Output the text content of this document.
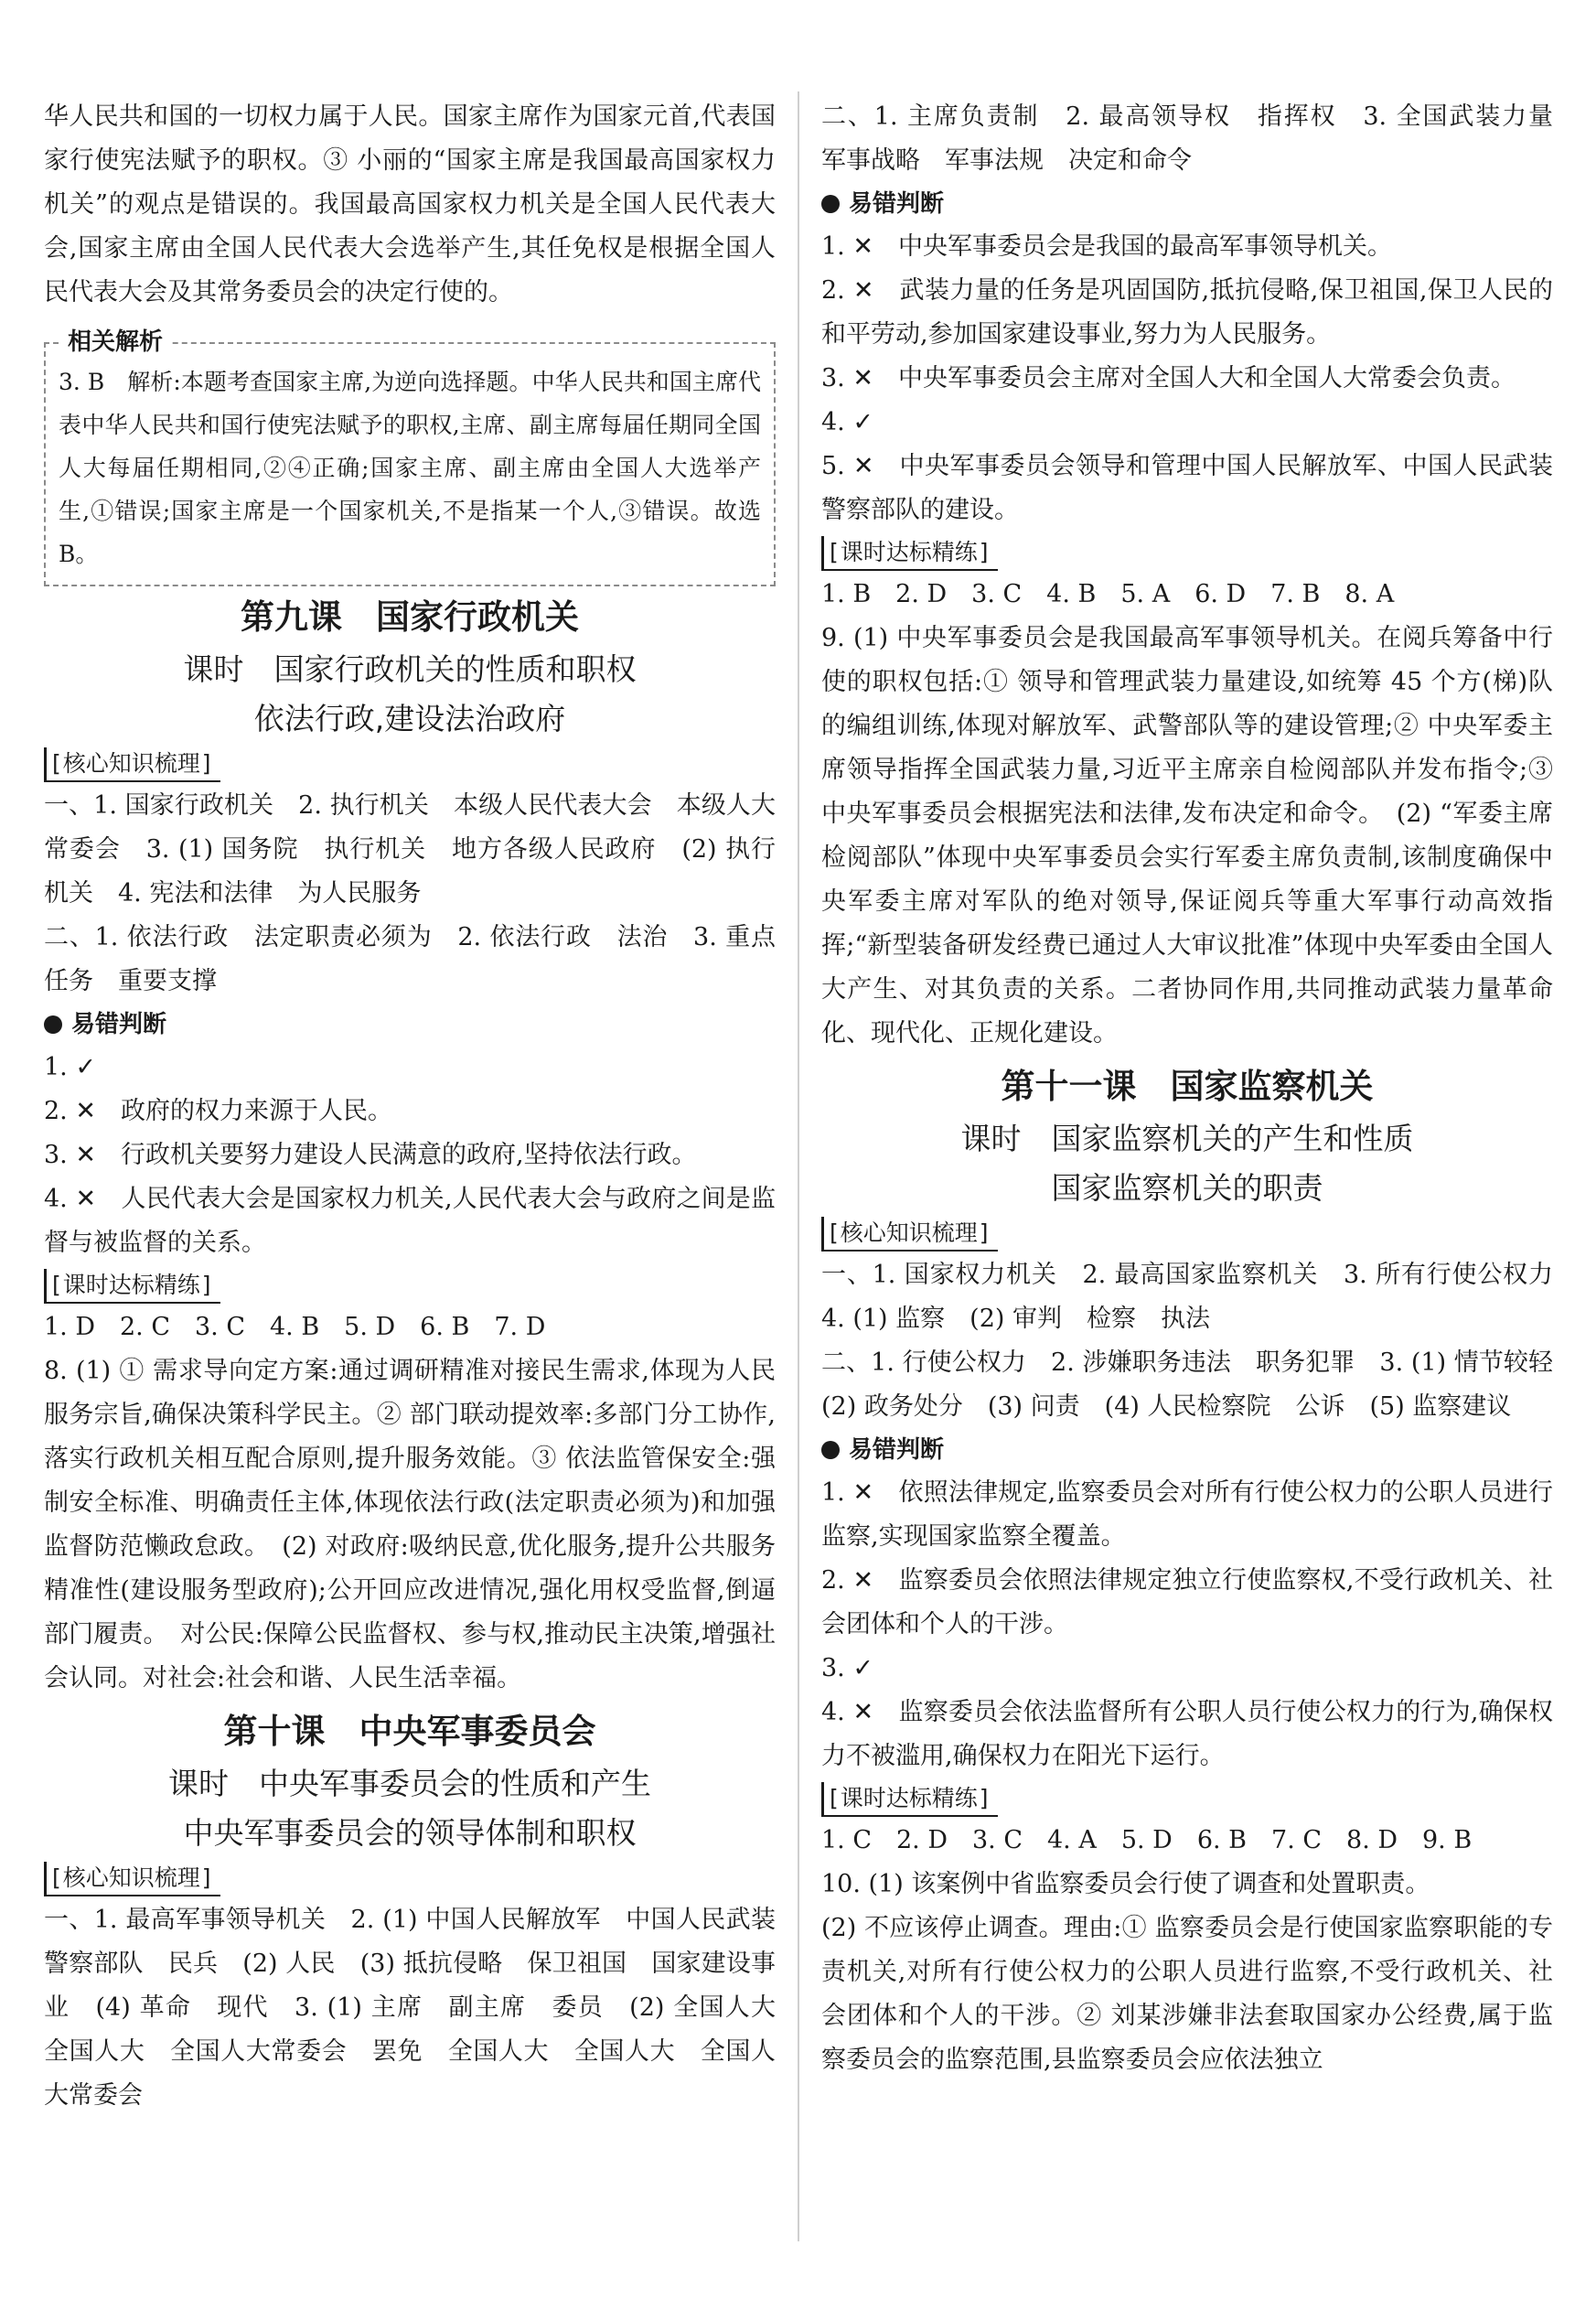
华人民共和国的一切权力属于人民。国家主席作为国家元首,代表国家行使宪法赋予的职权。③ 小丽的“国家主席是我国最高国家权力机关”的观点是错误的。我国最高国家权力机关是全国人民代表大会,国家主席由全国人民代表大会选举产生,其任免权是根据全国人民代表大会及其常务委员会的决定行使的。

相关解析

3. B　解析:本题考查国家主席,为逆向选择题。中华人民共和国主席代表中华人民共和国行使宪法赋予的职权,主席、副主席每届任期同全国人大每届任期相同,②④正确;国家主席、副主席由全国人大选举产生,①错误;国家主席是一个国家机关,不是指某一个人,③错误。故选 B。

第九课　国家行政机关
课时　国家行政机关的性质和职权
依法行政,建设法治政府
[ 核心知识梳理 ]

一、1. 国家行政机关　2. 执行机关　本级人民代表大会　本级人大常委会　3. (1) 国务院　执行机关　地方各级人民政府　(2) 执行机关　4. 宪法和法律　为人民服务

二、1. 依法行政　法定职责必须为　2. 依法行政　法治　3. 重点任务　重要支撑

易错判断

1. ✓

2. ✕　政府的权力来源于人民。

3. ✕　行政机关要努力建设人民满意的政府,坚持依法行政。

4. ✕　人民代表大会是国家权力机关,人民代表大会与政府之间是监督与被监督的关系。

[ 课时达标精练 ]

1. D　2. C　3. C　4. B　5. D　6. B　7. D

8. (1) ① 需求导向定方案:通过调研精准对接民生需求,体现为人民服务宗旨,确保决策科学民主。② 部门联动提效率:多部门分工协作,落实行政机关相互配合原则,提升服务效能。③ 依法监管保安全:强制安全标准、明确责任主体,体现依法行政(法定职责必须为)和加强监督防范懒政怠政。　(2) 对政府:吸纳民意,优化服务,提升公共服务精准性(建设服务型政府);公开回应改进情况,强化用权受监督,倒逼部门履责。　对公民:保障公民监督权、参与权,推动民主决策,增强社会认同。对社会:社会和谐、人民生活幸福。

第十课　中央军事委员会
课时　中央军事委员会的性质和产生
中央军事委员会的领导体制和职权
[ 核心知识梳理 ]

一、1. 最高军事领导机关　2. (1) 中国人民解放军　中国人民武装警察部队　民兵　(2) 人民　(3) 抵抗侵略　保卫祖国　国家建设事业　(4) 革命　现代　3. (1) 主席　副主席　委员　(2) 全国人大　全国人大　全国人大常委会　罢免　全国人大　全国人大　全国人大常委会

二、1. 主席负责制　2. 最高领导权　指挥权　3. 全国武装力量　军事战略　军事法规　决定和命令

易错判断

1. ✕　中央军事委员会是我国的最高军事领导机关。

2. ✕　武装力量的任务是巩固国防,抵抗侵略,保卫祖国,保卫人民的和平劳动,参加国家建设事业,努力为人民服务。

3. ✕　中央军事委员会主席对全国人大和全国人大常委会负责。

4. ✓

5. ✕　中央军事委员会领导和管理中国人民解放军、中国人民武装警察部队的建设。

[ 课时达标精练 ]

1. B　2. D　3. C　4. B　5. A　6. D　7. B　8. A

9. (1) 中央军事委员会是我国最高军事领导机关。在阅兵筹备中行使的职权包括:① 领导和管理武装力量建设,如统筹 45 个方(梯)队的编组训练,体现对解放军、武警部队等的建设管理;② 中央军委主席领导指挥全国武装力量,习近平主席亲自检阅部队并发布指令;③ 中央军事委员会根据宪法和法律,发布决定和命令。　(2) “军委主席检阅部队”体现中央军事委员会实行军委主席负责制,该制度确保中央军委主席对军队的绝对领导,保证阅兵等重大军事行动高效指挥;“新型装备研发经费已通过人大审议批准”体现中央军委由全国人大产生、对其负责的关系。二者协同作用,共同推动武装力量革命化、现代化、正规化建设。

第十一课　国家监察机关
课时　国家监察机关的产生和性质
国家监察机关的职责
[ 核心知识梳理 ]

一、1. 国家权力机关　2. 最高国家监察机关　3. 所有行使公权力　4. (1) 监察　(2) 审判　检察　执法

二、1. 行使公权力　2. 涉嫌职务违法　职务犯罪　3. (1) 情节较轻　(2) 政务处分　(3) 问责　(4) 人民检察院　公诉　(5) 监察建议

易错判断

1. ✕　依照法律规定,监察委员会对所有行使公权力的公职人员进行监察,实现国家监察全覆盖。

2. ✕　监察委员会依照法律规定独立行使监察权,不受行政机关、社会团体和个人的干涉。

3. ✓

4. ✕　监察委员会依法监督所有公职人员行使公权力的行为,确保权力不被滥用,确保权力在阳光下运行。

[ 课时达标精练 ]

1. C　2. D　3. C　4. A　5. D　6. B　7. C　8. D　9. B

10. (1) 该案例中省监察委员会行使了调查和处置职责。

(2) 不应该停止调查。理由:① 监察委员会是行使国家监察职能的专责机关,对所有行使公权力的公职人员进行监察,不受行政机关、社会团体和个人的干涉。② 刘某涉嫌非法套取国家办公经费,属于监察委员会的监察范围,县监察委员会应依法独立
